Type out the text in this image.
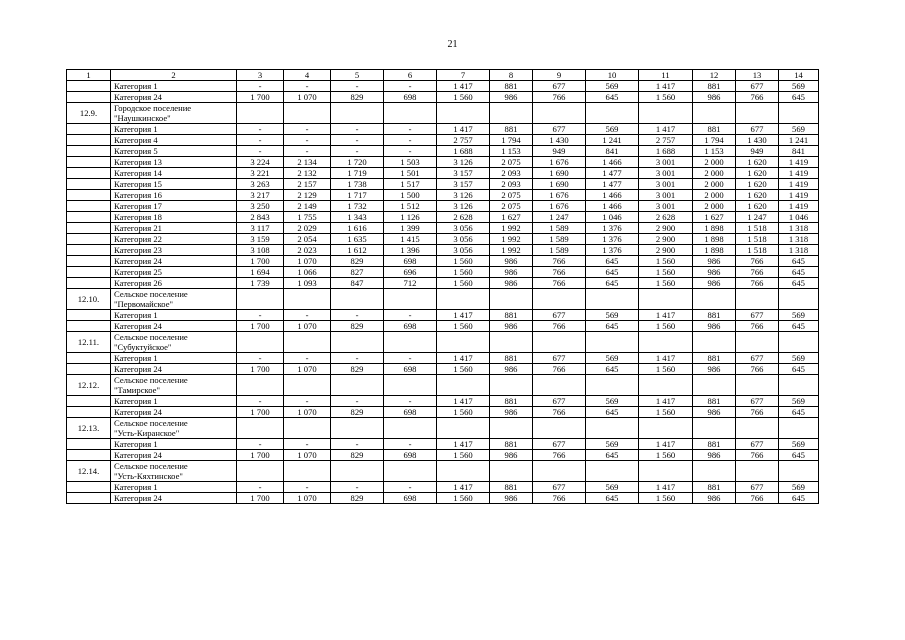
21
1	2	3	4	5	6	7	8	9	10	11	12	13	14
	Категория 1	-	-	-	-	1 417	881	677	569	1 417	881	677	569
	Категория 24	1 700	1 070	829	698	1 560	986	766	645	1 560	986	766	645
12.9.	Городское поселение
"Наушкинское"												

	Категория 1	-	-	-	-	1 417	881	677	569	1 417	881	677	569
	Категория 4	-	-	-	-	2 757	1 794	1 430	1 241	2 757	1 794	1 430	1 241
	Категория 5	-	-	-	-	1 688	1 153	949	841	1 688	1 153	949	841
	Категория 13	3 224	2 134	1 720	1 503	3 126	2 075	1 676	1 466	3 001	2 000	1 620	1 419
	Категория 14	3 221	2 132	1 719	1 501	3 157	2 093	1 690	1 477	3 001	2 000	1 620	1 419
	Категория 15	3 263	2 157	1 738	1 517	3 157	2 093	1 690	1 477	3 001	2 000	1 620	1 419
	Категория 16	3 217	2 129	1 717	1 500	3 126	2 075	1 676	1 466	3 001	2 000	1 620	1 419
	Категория 17	3 250	2 149	1 732	1 512	3 126	2 075	1 676	1 466	3 001	2 000	1 620	1 419
	Категория 18	2 843	1 755	1 343	1 126	2 628	1 627	1 247	1 046	2 628	1 627	1 247	1 046
	Категория 21	3 117	2 029	1 616	1 399	3 056	1 992	1 589	1 376	2 900	1 898	1 518	1 318
	Категория 22	3 159	2 054	1 635	1 415	3 056	1 992	1 589	1 376	2 900	1 898	1 518	1 318
	Категория 23	3 108	2 023	1 612	1 396	3 056	1 992	1 589	1 376	2 900	1 898	1 518	1 318
	Категория 24	1 700	1 070	829	698	1 560	986	766	645	1 560	986	766	645
	Категория 25	1 694	1 066	827	696	1 560	986	766	645	1 560	986	766	645
	Категория 26	1 739	1 093	847	712	1 560	986	766	645	1 560	986	766	645
12.10.	Сельское поселение
"Первомайское"												

	Категория 1	-	-	-	-	1 417	881	677	569	1 417	881	677	569
	Категория 24	1 700	1 070	829	698	1 560	986	766	645	1 560	986	766	645
12.11.	Сельское поселение
"Субуктуйское"												

	Категория 1	-	-	-	-	1 417	881	677	569	1 417	881	677	569
	Категория 24	1 700	1 070	829	698	1 560	986	766	645	1 560	986	766	645
12.12.	Сельское поселение
"Тамирское"												

	Категория 1	-	-	-	-	1 417	881	677	569	1 417	881	677	569
	Категория 24	1 700	1 070	829	698	1 560	986	766	645	1 560	986	766	645
12.13.	Сельское поселение
"Усть-Киранское"												

	Категория 1	-	-	-	-	1 417	881	677	569	1 417	881	677	569
	Категория 24	1 700	1 070	829	698	1 560	986	766	645	1 560	986	766	645
12.14.	Сельское поселение
"Усть-Кяхтинское"												

	Категория 1	-	-	-	-	1 417	881	677	569	1 417	881	677	569
	Категория 24	1 700	1 070	829	698	1 560	986	766	645	1 560	986	766	645
